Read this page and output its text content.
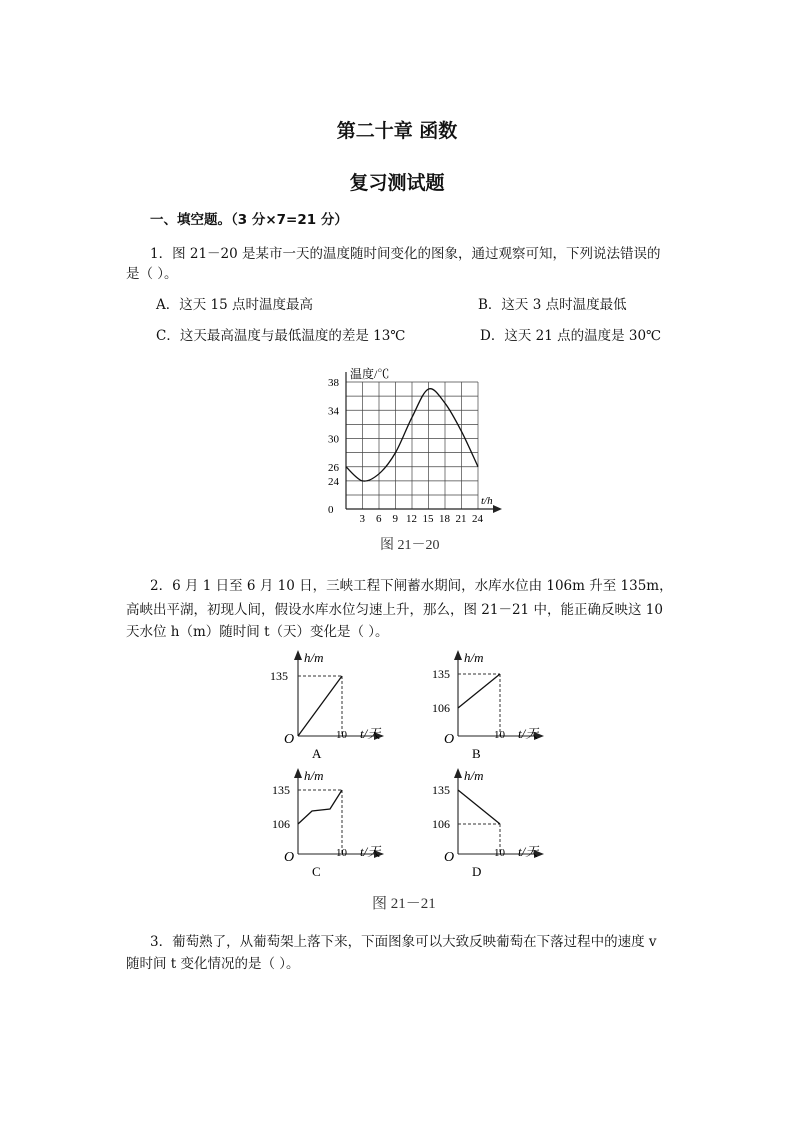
第二十章 函数
复习测试题
一、填空题。（3 分×7=21 分）
1．图 21－20 是某市一天的温度随时间变化的图象，通过观察可知，下列说法错误的
是（ ）。
A．这天 15 点时温度最高	B．这天 3 点时温度最低
C．这天最高温度与最低温度的差是 13℃	D．这天 21 点的温度是 30℃
温度/℃
t/h
38
34
30
26
24
0
3 6 9 12 15 18 21 24
图 21－20
2．6 月 1 日至 6 月 10 日，三峡工程下闸蓄水期间，水库水位由 106m 升至 135m，
高峡出平湖，初现人间，假设水库水位匀速上升，那么，图 21－21 中，能正确反映这 10
天水位 h（m）随时间 t（天）变化是（ ）。
h/m
135
O	10 t/天
A
h/m
135
106
O	10 t/天
B
h/m
135
106
O	10 t/天
C
h/m
135
106
O	10 t/天
D
图 21－21
3．葡萄熟了，从葡萄架上落下来，下面图象可以大致反映葡萄在下落过程中的速度 v
随时间 t 变化情况的是（ ）。
